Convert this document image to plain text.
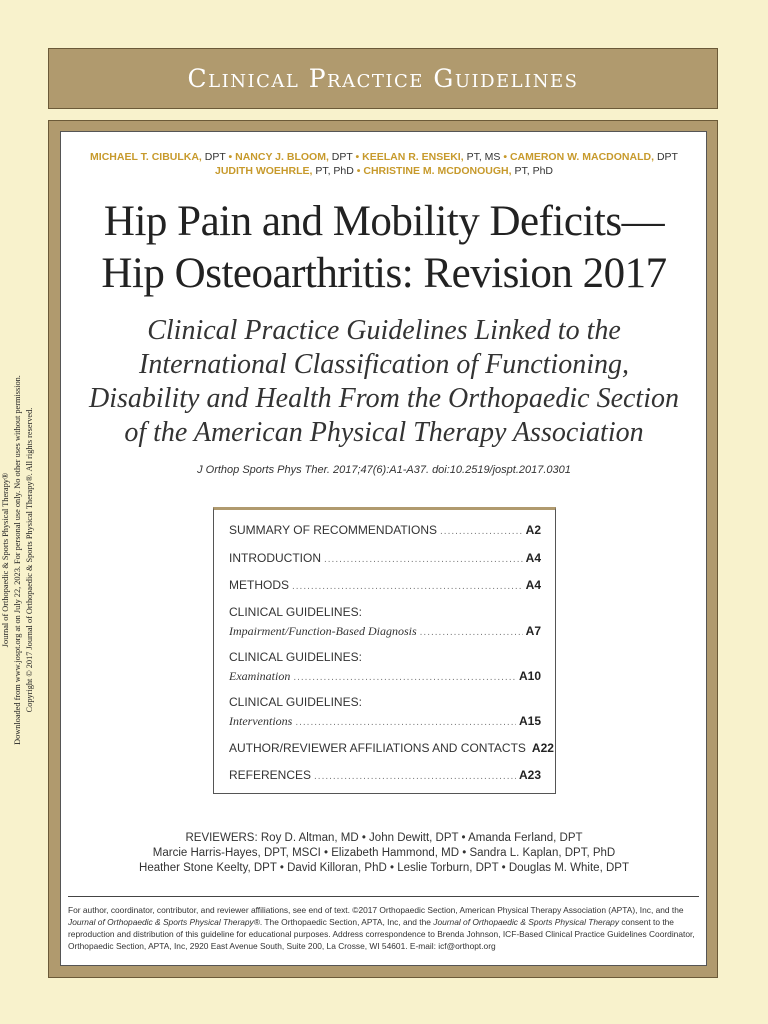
Clinical Practice Guidelines
Journal of Orthopaedic & Sports Physical Therapy® Downloaded from www.jospt.org at on July 22, 2023. For personal use only. No other uses without permission. Copyright © 2017 Journal of Orthopaedic & Sports Physical Therapy®. All rights reserved.
MICHAEL T. CIBULKA, DPT • NANCY J. BLOOM, DPT • KEELAN R. ENSEKI, PT, MS • CAMERON W. MACDONALD, DPT
JUDITH WOEHRLE, PT, PhD • CHRISTINE M. MCDONOUGH, PT, PhD
Hip Pain and Mobility Deficits—
Hip Osteoarthritis: Revision 2017
Clinical Practice Guidelines Linked to the
International Classification of Functioning,
Disability and Health From the Orthopaedic Section
of the American Physical Therapy Association
J Orthop Sports Phys Ther. 2017;47(6):A1-A37. doi:10.2519/jospt.2017.0301
SUMMARY OF RECOMMENDATIONS .....	A2
INTRODUCTION .....	A4
METHODS .....	A4
CLINICAL GUIDELINES:
Impairment/Function-Based Diagnosis .....	A7
CLINICAL GUIDELINES:
Examination .....	A10
CLINICAL GUIDELINES:
Interventions .....	A15
AUTHOR/REVIEWER AFFILIATIONS AND CONTACTS A22
REFERENCES .....	A23
REVIEWERS: Roy D. Altman, MD • John Dewitt, DPT • Amanda Ferland, DPT
Marcie Harris-Hayes, DPT, MSCI • Elizabeth Hammond, MD • Sandra L. Kaplan, DPT, PhD
Heather Stone Keelty, DPT • David Killoran, PhD • Leslie Torburn, DPT • Douglas M. White, DPT
For author, coordinator, contributor, and reviewer affiliations, see end of text. ©2017 Orthopaedic Section, American Physical Therapy Association (APTA), Inc, and the Journal of Orthopaedic & Sports Physical Therapy®. The Orthopaedic Section, APTA, Inc, and the Journal of Orthopaedic & Sports Physical Therapy consent to the reproduction and distribution of this guideline for educational purposes. Address correspondence to Brenda Johnson, ICF-Based Clinical Practice Guidelines Coordinator, Orthopaedic Section, APTA, Inc, 2920 East Avenue South, Suite 200, La Crosse, WI 54601. E-mail: icf@orthopt.org
